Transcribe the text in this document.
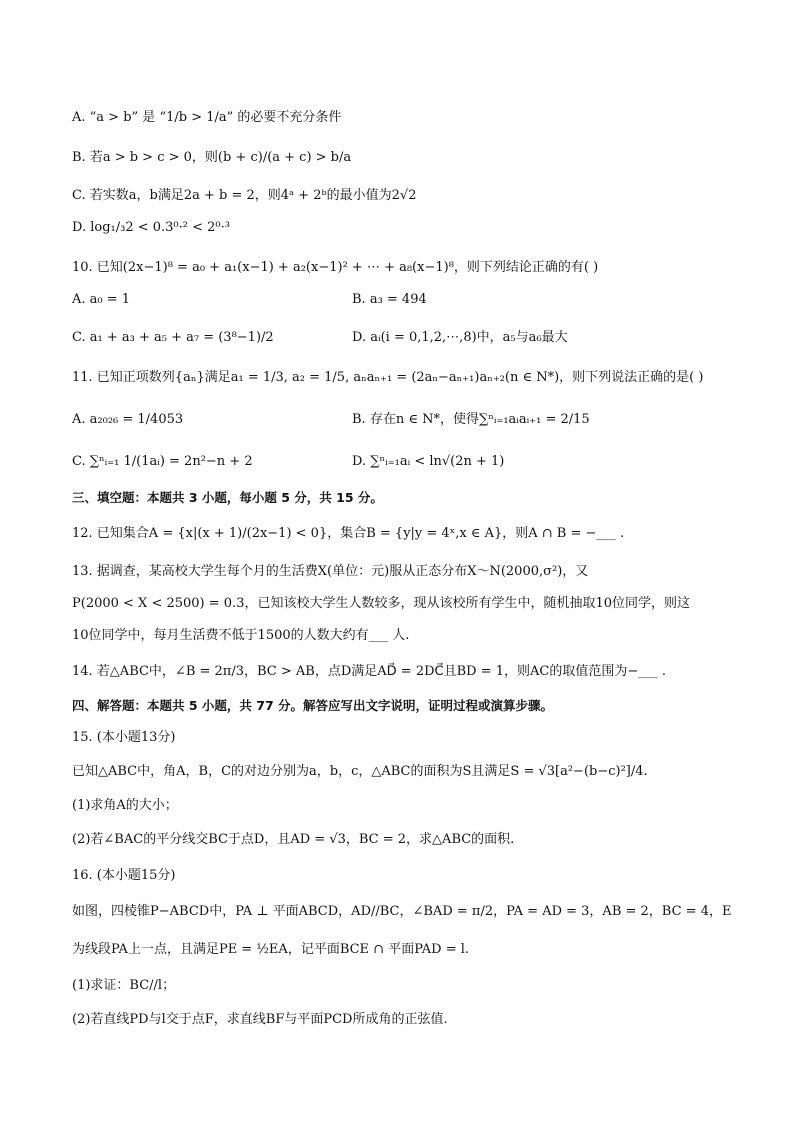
A. “a > b” 是 “1/b > 1/a” 的必要不充分条件
B. 若a > b > c > 0，则(b + c)/(a + c) > b/a
C. 若实数a，b满足2a + b = 2，则4ᵃ + 2ᵇ的最小值为2√2
D. log₁/₃2 < 0.3⁰·² < 2⁰·³
10. 已知(2x−1)⁸ = a₀ + a₁(x−1) + a₂(x−1)² + ⋯ + a₈(x−1)⁸，则下列结论正确的有( )
A. a₀ = 1	B. a₃ = 494
C. a₁ + a₃ + a₅ + a₇ = (3⁸−1)/2	D. aᵢ(i = 0,1,2,⋯,8)中，a₅与a₆最大
11. 已知正项数列{aₙ}满足a₁ = 1/3, a₂ = 1/5, aₙaₙ₊₁ = (2aₙ−aₙ₊₁)aₙ₊₂(n ∈ N*)，则下列说法正确的是( )
A. a₂₀₂₆ = 1/4053	B. 存在n ∈ N*，使得∑ⁿᵢ₌₁aᵢaᵢ₊₁ = 2/15
C. ∑ⁿᵢ₌₁ 1/(1aᵢ) = 2n²−n + 2	D. ∑ⁿᵢ₌₁aᵢ < ln√(2n + 1)
三、填空题：本题共 3 小题，每小题 5 分，共 15 分。
12. 已知集合A = {x|(x + 1)/(2x−1) < 0}，集合B = {y|y = 4ˣ,x ∈ A}，则A ∩ B = −___ .
13. 据调查，某高校大学生每个月的生活费X(单位：元)服从正态分布X～N(2000,σ²)，又
P(2000 < X < 2500) = 0.3，已知该校大学生人数较多，现从该校所有学生中，随机抽取10位同学，则这
10位同学中，每月生活费不低于1500的人数大约有___ 人.
14. 若△ABC中，∠B = 2π/3，BC > AB，点D满足AD⃗ = 2DC⃗且BD = 1，则AC的取值范围为−___ .
四、解答题：本题共 5 小题，共 77 分。解答应写出文字说明，证明过程或演算步骤。
15. (本小题13分)
已知△ABC中，角A，B，C的对边分别为a，b，c，△ABC的面积为S且满足S = √3[a²−(b−c)²]/4.
(1)求角A的大小；
(2)若∠BAC的平分线交BC于点D，且AD = √3，BC = 2，求△ABC的面积.
16. (本小题15分)
如图，四棱锥P−ABCD中，PA ⊥ 平面ABCD，AD//BC，∠BAD = π/2，PA = AD = 3，AB = 2，BC = 4，E
为线段PA上一点，且满足PE = ½EA，记平面BCE ∩ 平面PAD = l.
(1)求证：BC//l；
(2)若直线PD与l交于点F，求直线BF与平面PCD所成角的正弦值.
